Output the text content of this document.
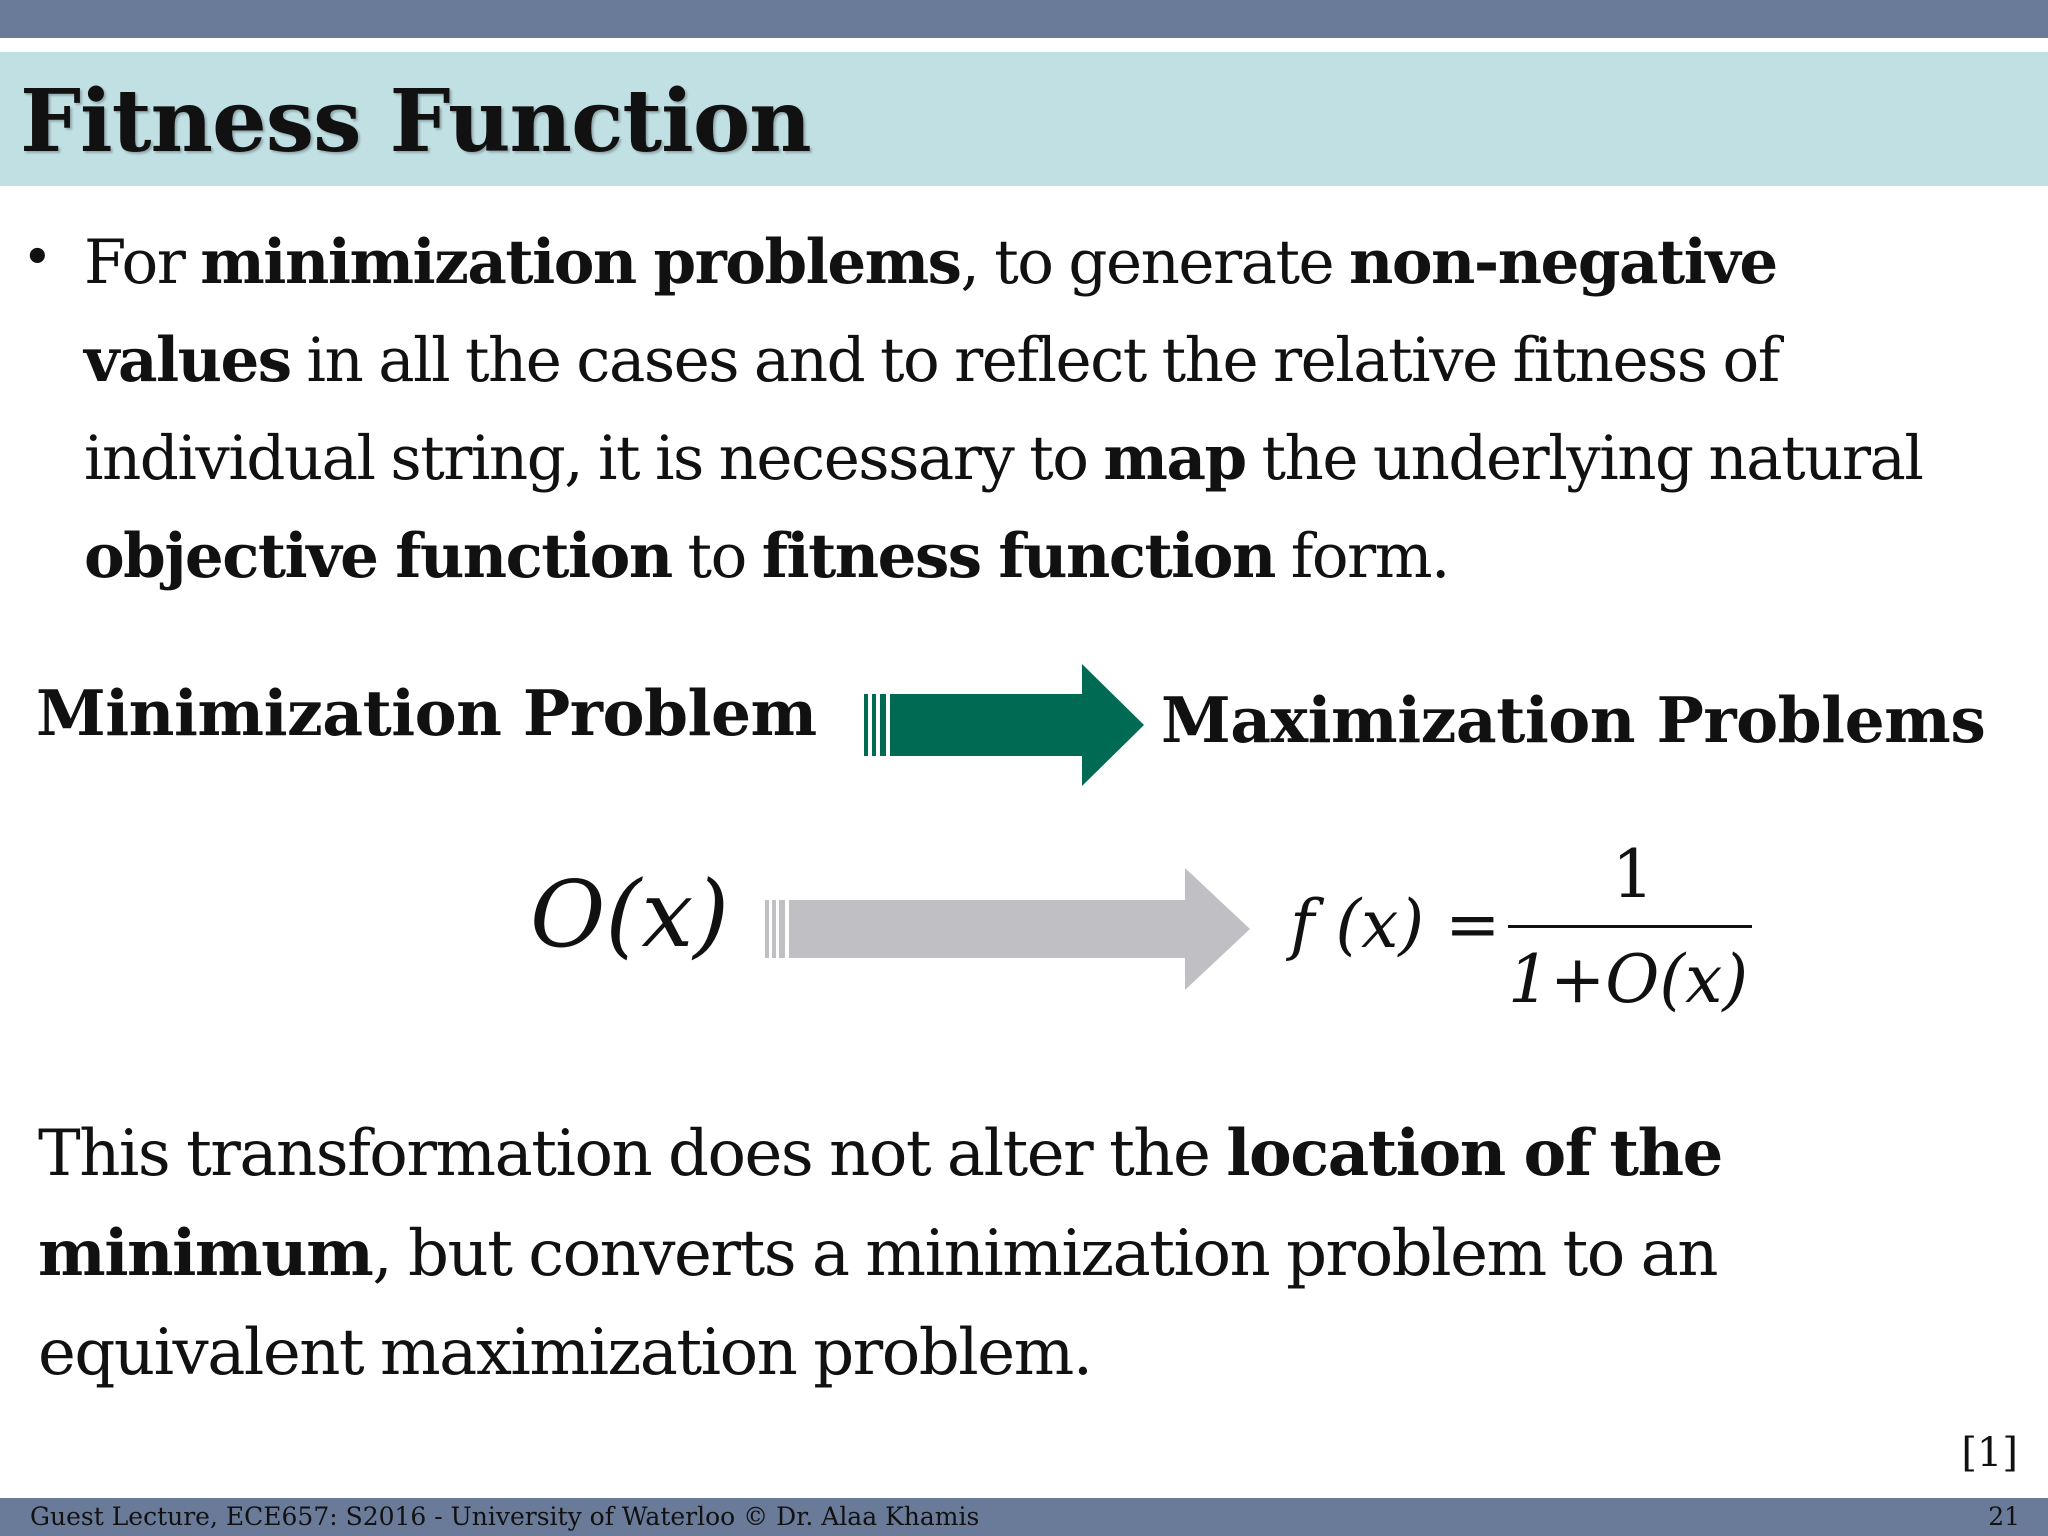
Fitness Function
• For minimization problems, to generate non-negative
values in all the cases and to reflect the relative fitness of
individual string, it is necessary to map the underlying natural
objective function to fitness function form.
Minimization Problem	Maximization Problems
O(x)	f (x) =
1
1+O(x)
This transformation does not alter the location of the
minimum, but converts a minimization problem to an
equivalent maximization problem.
[1]
Guest Lecture, ECE657: S2016 - University of Waterloo © Dr. Alaa Khamis	21
